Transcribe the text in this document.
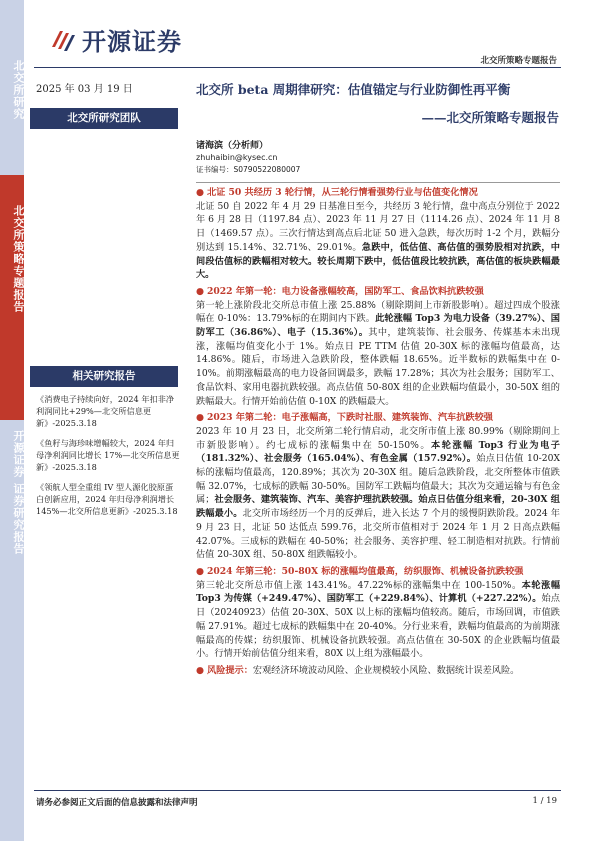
北交所研究
北交所策略专题报告
开源证券 证券研究报告
开源证券
北交所策略专题报告
2025 年 03 月 19 日
北交所研究团队
相关研究报告
《消费电子持续向好，2024 年扣非净利润同比+29%—北交所信息更新》-2025.3.18
《鱼籽与海珍味增幅较大，2024 年归母净利润同比增长 17%—北交所信息更新》-2025.3.18
《领航人型全重组 IV 型人源化胶原蛋白创新应用，2024 年归母净利润增长 145%—北交所信息更新》-2025.3.18
北交所 beta 周期律研究：估值锚定与行业防御性再平衡
——北交所策略专题报告
诸海滨（分析师）
zhuhaibin@kysec.cn
证书编号：S0790522080007

● 北证 50 共经历 3 轮行情，从三轮行情看强势行业与估值变化情况
北证 50 自 2022 年 4 月 29 日基准日至今，共经历 3 轮行情，盘中高点分别位于 2022 年 6 月 28 日（1197.84 点）、2023 年 11 月 27 日（1114.26 点）、2024 年 11 月 8 日（1469.57 点）。三次行情达到高点后北证 50 进入急跌，每次历时 1-2 个月，跌幅分别达到 15.14%、32.71%、29.01%。急跌中，低估值、高估值的强势股相对抗跌，中间段估值标的跌幅相对较大。较长周期下跌中，低估值段比较抗跌，高估值的板块跌幅最大。

● 2022 年第一轮：电力设备涨幅较高，国防军工、食品饮料抗跌较强
第一轮上涨阶段北交所总市值上涨 25.88%（剔除期间上市新股影响）。超过四成个股涨幅在 0-10%：13.79%标的在期间内下跌。此轮涨幅 Top3 为电力设备（39.27%）、国防军工（36.86%）、电子（15.36%）。其中，建筑装饰、社会服务、传媒基本未出现涨，涨幅均值变化小于 1%。始点日 PE TTM 估值 20-30X 标的涨幅均值最高，达 14.86%。随后，市场进入急跌阶段，整体跌幅 18.65%。近半数标的跌幅集中在 0-10%。前期涨幅最高的电力设备回调最多，跌幅 17.28%；其次为社会服务；国防军工、食品饮料、家用电器抗跌较强。高点估值 50-80X 组的企业跌幅均值最小，30-50X 组的跌幅最大。行情开始前估值 0-10X 的跌幅最大。

● 2023 年第二轮：电子涨幅高，下跌时社服、建筑装饰、汽车抗跌较强
2023 年 10 月 23 日，北交所第二轮行情启动，北交所市值上涨 80.99%（剔除期间上市新股影响）。约七成标的涨幅集中在 50-150%。本轮涨幅 Top3 行业为电子（181.32%）、社会服务（165.04%）、有色金属（157.92%）。始点日估值 10-20X 标的涨幅均值最高，120.89%；其次为 20-30X 组。随后急跌阶段，北交所整体市值跌幅 32.07%，七成标的跌幅 30-50%。国防军工跌幅均值最大；其次为交通运输与有色金属；社会服务、建筑装饰、汽车、美容护理抗跌较强。始点日估值分组来看，20-30X 组跌幅最小。北交所市场经历一个月的反弹后，进入长达 7 个月的缓慢阴跌阶段。2024 年 9 月 23 日，北证 50 达低点 599.76，北交所市值相对于 2024 年 1 月 2 日高点跌幅 42.07%。三成标的跌幅在 40-50%；社会服务、美容护理、轻工制造相对抗跌。行情前估值 20-30X 组、50-80X 组跌幅较小。

● 2024 年第三轮：50-80X 标的涨幅均值最高，纺织服饰、机械设备抗跌较强
第三轮北交所总市值上涨 143.41%。47.22%标的涨幅集中在 100-150%。本轮涨幅 Top3 为传媒（+249.47%）、国防军工（+229.84%）、计算机（+227.22%）。始点日（20240923）估值 20-30X、50X 以上标的涨幅均值较高。随后，市场回调，市值跌幅 27.91%。超过七成标的跌幅集中在 20-40%。分行业来看，跌幅均值最高的为前期涨幅最高的传媒；纺织服饰、机械设备抗跌较强。高点估值在 30-50X 的企业跌幅均值最小。行情开始前估值分组来看，80X 以上组为涨幅最小。

● 风险提示：宏观经济环境波动风险、企业规模较小风险、数据统计误差风险。

请务必参阅正文后面的信息披露和法律声明	1 / 19
